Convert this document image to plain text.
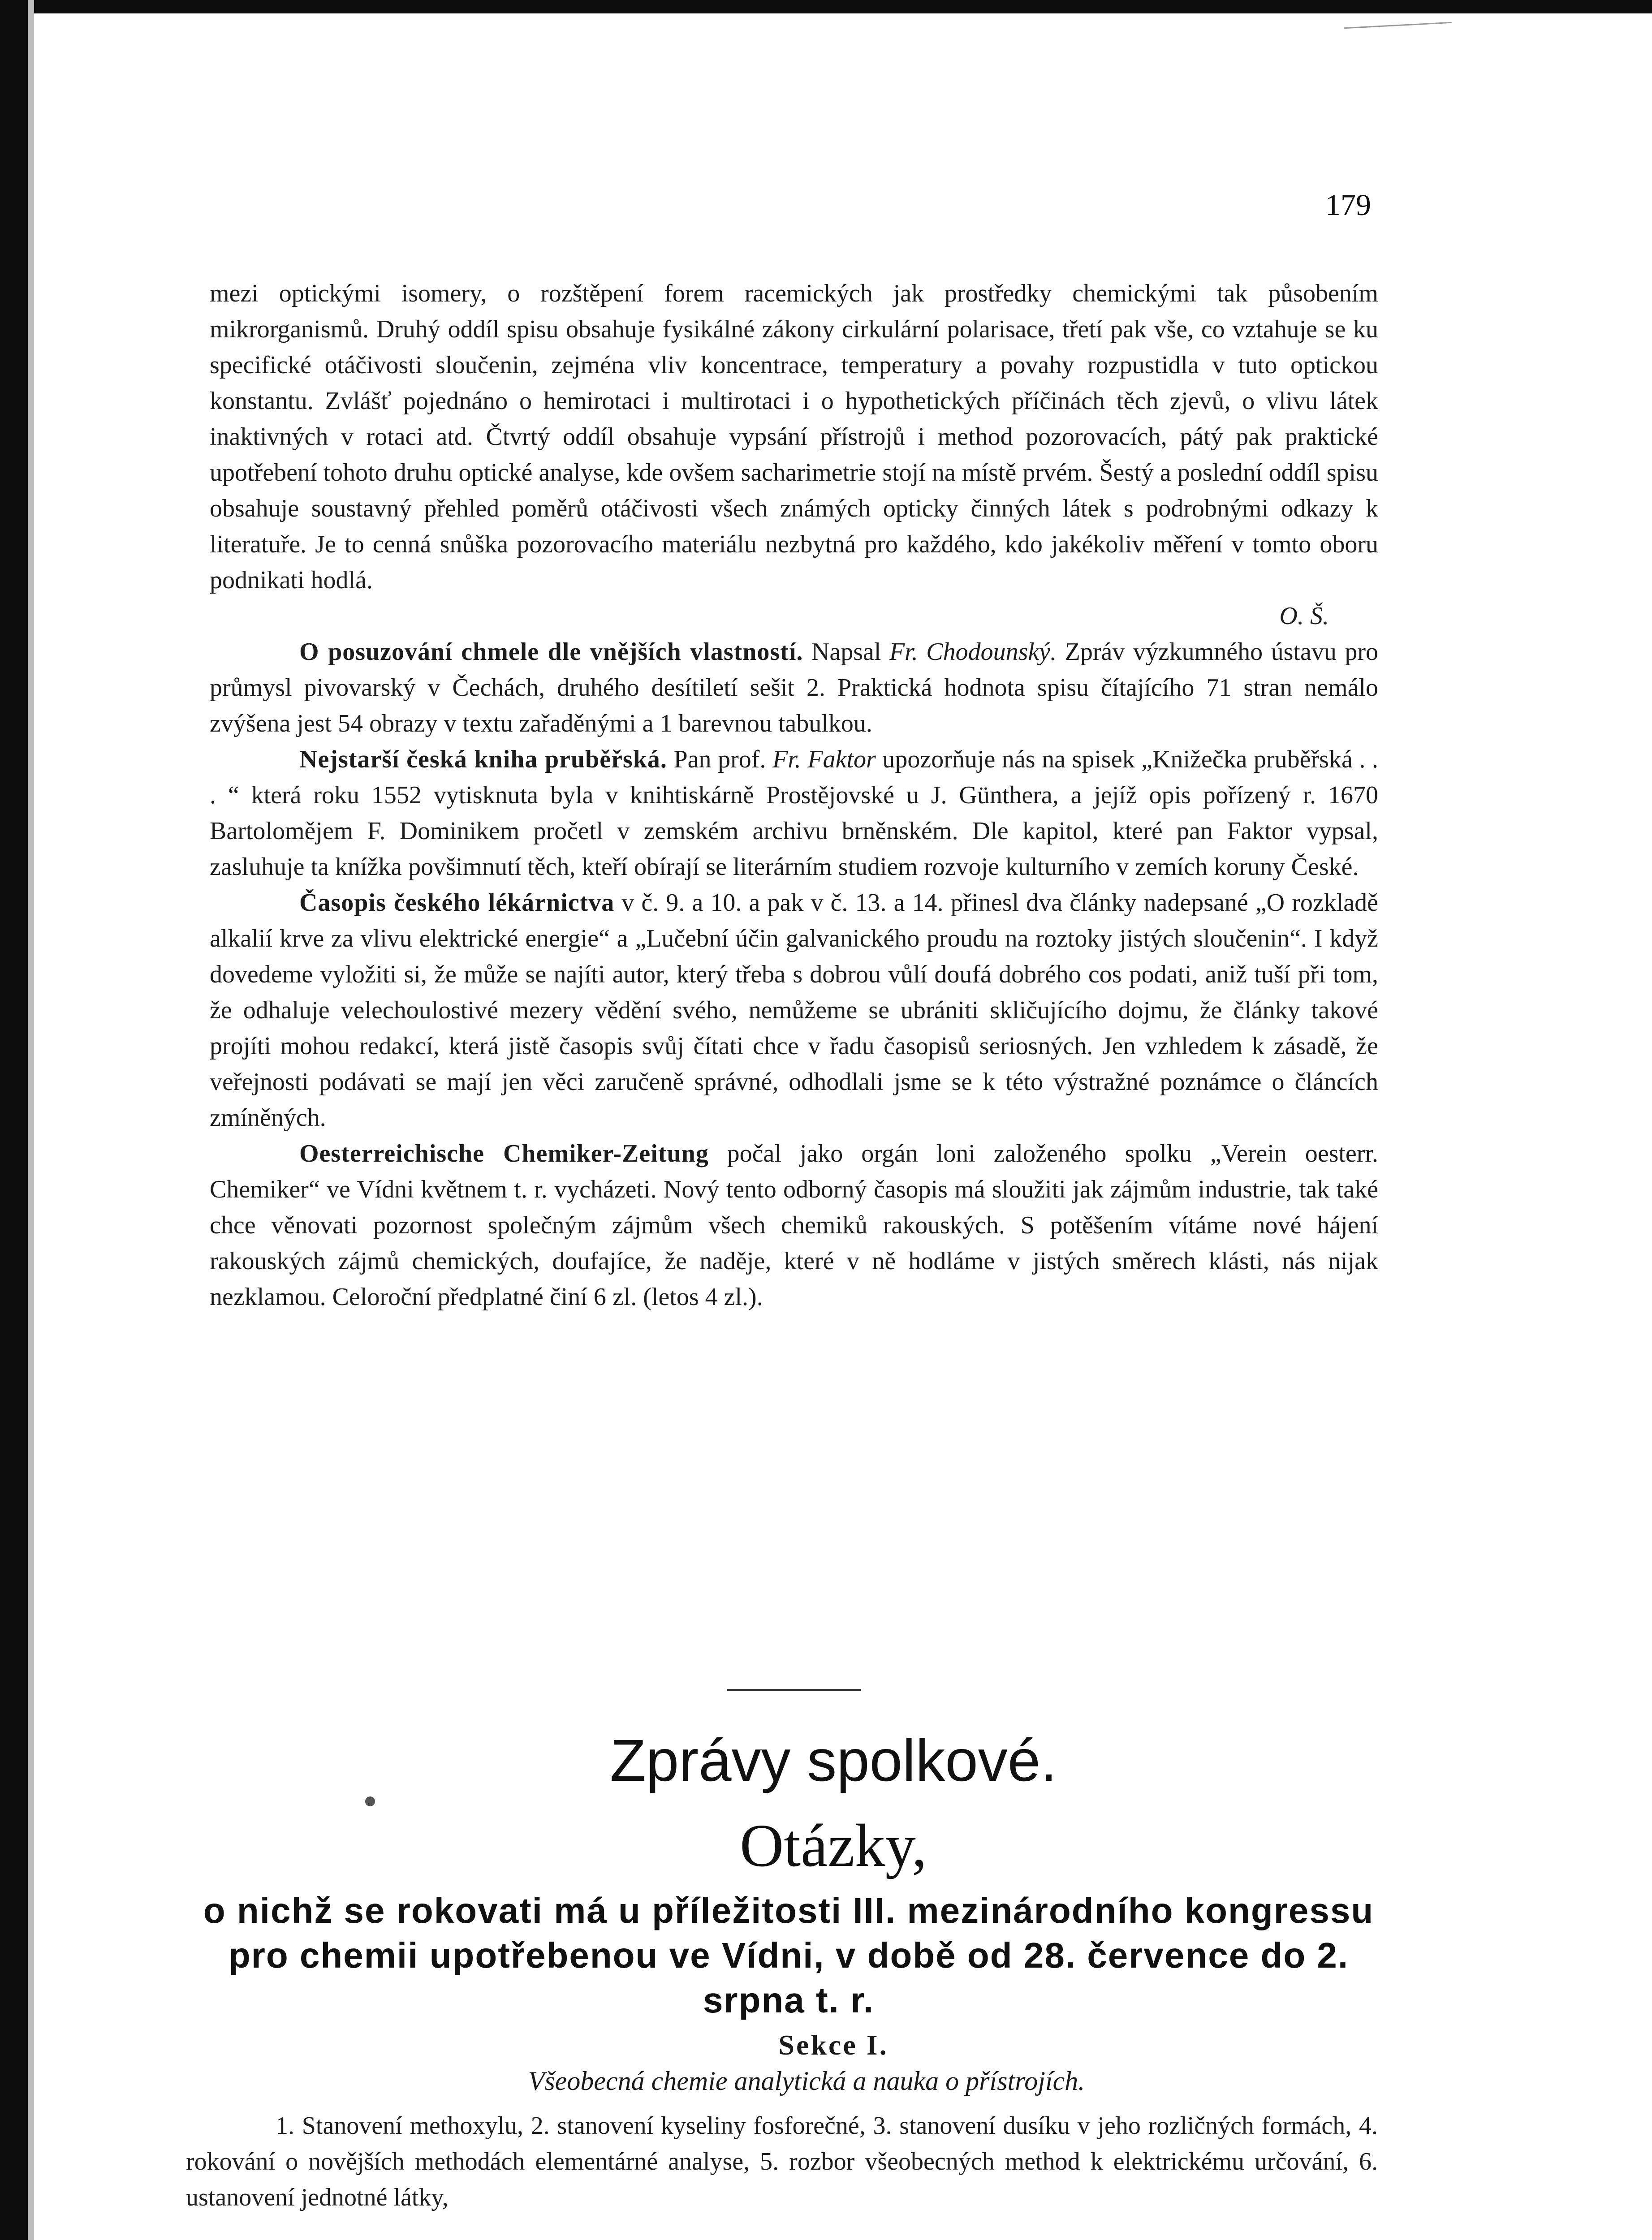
179

mezi optickými isomery, o rozštěpení forem racemických jak prostředky chemickými tak působením mikrorganismů. Druhý oddíl spisu obsahuje fysikálné zákony cirkulární polarisace, třetí pak vše, co vztahuje se ku specifické otáčivosti sloučenin, zejména vliv koncentrace, temperatury a povahy rozpustidla v tuto optickou konstantu. Zvlášť pojednáno o hemirotaci i multirotaci i o hypothetických příčinách těch zjevů, o vlivu látek inaktivných v rotaci atd. Čtvrtý oddíl obsahuje vypsání přístrojů i method pozorovacích, pátý pak praktické upotřebení tohoto druhu optické analyse, kde ovšem sacharimetrie stojí na místě prvém. Šestý a poslední oddíl spisu obsahuje soustavný přehled poměrů otáčivosti všech známých opticky činných látek s podrobnými odkazy k literatuře. Je to cenná snůška pozorovacího materiálu nezbytná pro každého, kdo jakékoliv měření v tomto oboru podnikati hodlá.

O. Š.

O posuzování chmele dle vnějších vlastností. Napsal Fr. Chodounský. Zpráv výzkumného ústavu pro průmysl pivovarský v Čechách, druhého desítiletí sešit 2. Praktická hodnota spisu čítajícího 71 stran nemálo zvýšena jest 54 obrazy v textu zařaděnými a 1 barevnou tabulkou.

Nejstarší česká kniha pruběřská. Pan prof. Fr. Faktor upozorňuje nás na spisek „Knižečka pruběřská . . . “ která roku 1552 vytisknuta byla v knihtiskárně Prostějovské u J. Günthera, a jejíž opis pořízený r. 1670 Bartolomějem F. Dominikem pročetl v zemském archivu brněnském. Dle kapitol, které pan Faktor vypsal, zasluhuje ta knížka povšimnutí těch, kteří obírají se literárním studiem rozvoje kulturního v zemích koruny České.

Časopis českého lékárnictva v č. 9. a 10. a pak v č. 13. a 14. přinesl dva články nadepsané „O rozkladě alkalií krve za vlivu elektrické energie“ a „Lučební účin galvanického proudu na roztoky jistých sloučenin“. I když dovedeme vyložiti si, že může se najíti autor, který třeba s dobrou vůlí doufá dobrého cos podati, aniž tuší při tom, že odhaluje velechoulostivé mezery vědění svého, nemůžeme se ubrániti skličujícího dojmu, že články takové projíti mohou redakcí, která jistě časopis svůj čítati chce v řadu časopisů seriosných. Jen vzhledem k zásadě, že veřejnosti podávati se mají jen věci zaručeně správné, odhodlali jsme se k této výstražné poznámce o článcích zmíněných.

Oesterreichische Chemiker-Zeitung počal jako orgán loni založeného spolku „Verein oesterr. Chemiker“ ve Vídni květnem t. r. vycházeti. Nový tento odborný časopis má sloužiti jak zájmům industrie, tak také chce věnovati pozornost společným zájmům všech chemiků rakouských. S potěšením vítáme nové hájení rakouských zájmů chemických, doufajíce, že naděje, které v ně hodláme v jistých směrech klásti, nás nijak nezklamou. Celoroční předplatné činí 6 zl. (letos 4 zl.).

Zprávy spolkové.
Otázky,
o nichž se rokovati má u příležitosti III. mezinárodního kongressu pro chemii upotřebenou ve Vídni, v době od 28. července do 2. srpna t. r.
Sekce I.
Všeobecná chemie analytická a nauka o přístrojích.
1. Stanovení methoxylu, 2. stanovení kyseliny fosforečné, 3. stanovení dusíku v jeho rozličných formách, 4. rokování o novějších methodách elementárné analyse, 5. rozbor všeobecných method k elektrickému určování, 6. ustanovení jednotné látky,
